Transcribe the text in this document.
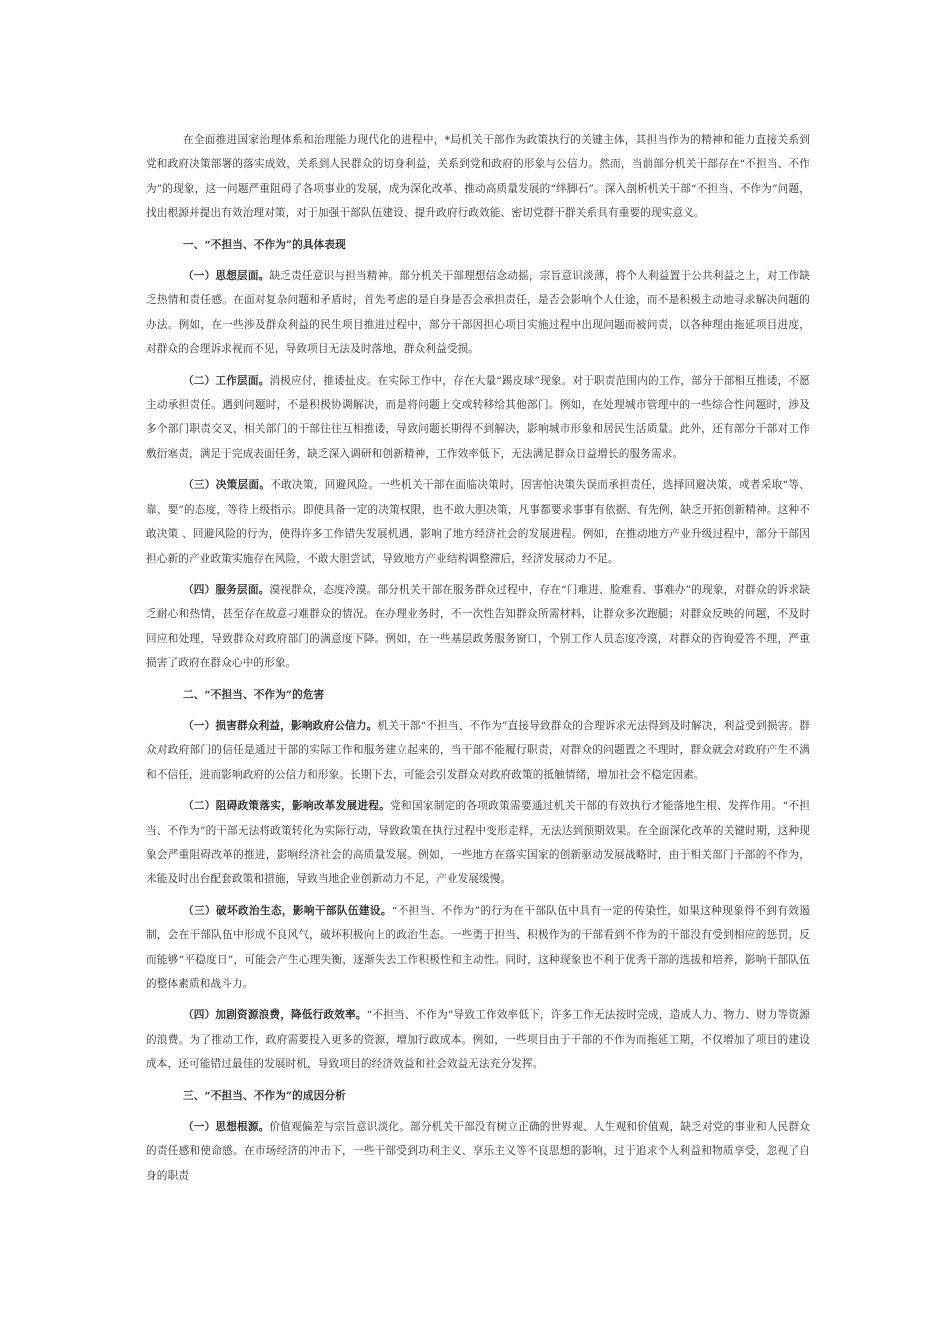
在全面推进国家治理体系和治理能力现代化的进程中，*局机关干部作为政策执行的关键主体，其担当作为的精神和能力直接关系到党和政府决策部署的落实成效，关系到人民群众的切身利益，关系到党和政府的形象与公信力。然而，当前部分机关干部存在“不担当、不作为”的现象，这一问题严重阻碍了各项事业的发展，成为深化改革、推动高质量发展的“绊脚石”。深入剖析机关干部“不担当、不作为”问题，找出根源并提出有效治理对策，对于加强干部队伍建设、提升政府行政效能、密切党群干群关系具有重要的现实意义。

一、“不担当、不作为”的具体表现

（一）思想层面。缺乏责任意识与担当精神。部分机关干部理想信念动摇，宗旨意识淡薄，将个人利益置于公共利益之上，对工作缺乏热情和责任感。在面对复杂问题和矛盾时，首先考虑的是自身是否会承担责任，是否会影响个人仕途，而不是积极主动地寻求解决问题的办法。例如，在一些涉及群众利益的民生项目推进过程中，部分干部因担心项目实施过程中出现问题而被问责，以各种理由拖延项目进度，对群众的合理诉求视而不见，导致项目无法及时落地，群众利益受损。

（二）工作层面。消极应付，推诿扯皮。在实际工作中，存在大量“踢皮球”现象。对于职责范围内的工作，部分干部相互推诿，不愿主动承担责任。遇到问题时，不是积极协调解决，而是将问题上交或转移给其他部门。例如，在处理城市管理中的一些综合性问题时，涉及多个部门职责交叉，相关部门的干部往往互相推诿，导致问题长期得不到解决，影响城市形象和居民生活质量。此外，还有部分干部对工作敷衍塞责，满足于完成表面任务，缺乏深入调研和创新精神，工作效率低下，无法满足群众日益增长的服务需求。

（三）决策层面。不敢决策，回避风险。一些机关干部在面临决策时，因害怕决策失误而承担责任，选择回避决策，或者采取“等、靠、要”的态度，等待上级指示。即使具备一定的决策权限，也不敢大胆决策，凡事都要求事事有依据、有先例，缺乏开拓创新精神。这种不敢决策 、回避风险的行为，使得许多工作错失发展机遇，影响了地方经济社会的发展进程。例如，在推动地方产业升级过程中，部分干部因担心新的产业政策实施存在风险，不敢大胆尝试，导致地方产业结构调整滞后，经济发展动力不足。

（四）服务层面。漠视群众，态度冷漠。部分机关干部在服务群众过程中，存在“门难进、脸难看、事难办”的现象，对群众的诉求缺乏耐心和热情，甚至存在故意刁难群众的情况。在办理业务时，不一次性告知群众所需材料，让群众多次跑腿；对群众反映的问题，不及时回应和处理，导致群众对政府部门的满意度下降。例如，在一些基层政务服务窗口，个别工作人员态度冷漠，对群众的咨询爱答不理，严重损害了政府在群众心中的形象。

二、“不担当、不作为”的危害

（一）损害群众利益，影响政府公信力。机关干部“不担当、不作为”直接导致群众的合理诉求无法得到及时解决，利益受到损害。群众对政府部门的信任是通过干部的实际工作和服务建立起来的，当干部不能履行职责，对群众的问题置之不理时，群众就会对政府产生不满和不信任，进而影响政府的公信力和形象。长期下去，可能会引发群众对政府政策的抵触情绪，增加社会不稳定因素。

（二）阻碍政策落实，影响改革发展进程。党和国家制定的各项政策需要通过机关干部的有效执行才能落地生根、发挥作用。“不担当、不作为”的干部无法将政策转化为实际行动，导致政策在执行过程中变形走样，无法达到预期效果。在全面深化改革的关键时期，这种现象会严重阻碍改革的推进，影响经济社会的高质量发展。例如，一些地方在落实国家的创新驱动发展战略时，由于相关部门干部的不作为，未能及时出台配套政策和措施，导致当地企业创新动力不足，产业发展缓慢。

（三）破坏政治生态，影响干部队伍建设。“不担当、不作为”的行为在干部队伍中具有一定的传染性，如果这种现象得不到有效遏制，会在干部队伍中形成不良风气，破坏积极向上的政治生态。一些勇于担当、积极作为的干部看到不作为的干部没有受到相应的惩罚，反而能够“平稳度日”，可能会产生心理失衡，逐渐失去工作积极性和主动性。同时，这种现象也不利于优秀干部的选拔和培养，影响干部队伍的整体素质和战斗力。

（四）加剧资源浪费，降低行政效率。“不担当、不作为”导致工作效率低下，许多工作无法按时完成，造成人力、物力、财力等资源的浪费。为了推动工作，政府需要投入更多的资源，增加行政成本。例如，一些项目由于干部的不作为而拖延工期，不仅增加了项目的建设成本，还可能错过最佳的发展时机，导致项目的经济效益和社会效益无法充分发挥。

三、“不担当、不作为”的成因分析

（一）思想根源。价值观偏差与宗旨意识淡化。部分机关干部没有树立正确的世界观、人生观和价值观，缺乏对党的事业和人民群众的责任感和使命感。在市场经济的冲击下，一些干部受到功利主义、享乐主义等不良思想的影响，过于追求个人利益和物质享受，忽视了自身的职责
